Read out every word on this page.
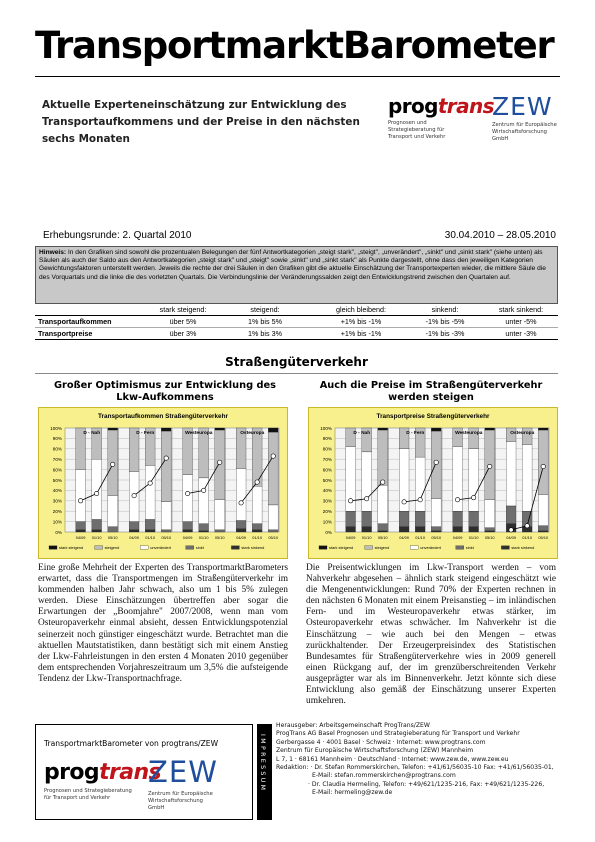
TransportmarktBarometer
Aktuelle Experteneinschätzung zur Entwicklung des Transportaufkommens und der Preise in den nächsten sechs Monaten
progtrans
Prognosen und Strategieberatung für Transport und Verkehr
ZEW
Zentrum für Europäische Wirtschaftsforschung GmbH
Erhebungsrunde: 2. Quartal 2010	30.04.2010 – 28.05.2010
Hinweis: In den Grafiken sind sowohl die prozentualen Belegungen der fünf Antwortkategorien „steigt stark", „steigt", „unverändert", „sinkt" und „sinkt stark" (siehe unten) als Säulen als auch der Saldo aus den Antwortkategorien „steigt stark" und „steigt" sowie „sinkt" und „sinkt stark" als Punkte dargestellt, ohne dass den jeweiligen Kategorien Gewichtungsfaktoren unterstellt werden. Jeweils die rechte der drei Säulen in den Grafiken gibt die aktuelle Einschätzung der Transportexperten wieder, die mittlere Säule die des Vorquartals und die linke die des vorletzten Quartals. Die Verbindungslinie der Veränderungssalden zeigt den Entwicklungstrend zwischen den Quartalen auf.
stark steigend:	steigend:	gleich bleibend:	sinkend:	stark sinkend:
Transportaufkommen	über 5%	1% bis 5%	+1% bis -1%	-1% bis -5%	unter -5%
Transportpreise	über 3%	1% bis 3%	+1% bis -1%	-1% bis -3%	unter -3%
Straßengüterverkehr
Großer Optimismus zur Entwicklung des Lkw-Aufkommens
Auch die Preise im Straßengüterverkehr werden steigen
Transportaufkommen Straßengüterverkehr
0%
10%
20%
30%
40%
50%
60%
70%
80%
90%
100%
04/09 01/10 05/10	04/09 01/10 05/10	04/09 01/10 05/10	04/09 01/10 05/10
D - Nah	D - Fern	Westeuropa	Osteuropa
stark steigend	steigend	unverändert	sinkt	stark sinkend
Transportpreise Straßengüterverkehr
0%
10%
20%
30%
40%
50%
60%
70%
80%
90%
100%
04/09 01/10 05/10	04/09 01/10 05/10	04/09 01/10 05/10	04/09 01/10 05/10
D - Nah	D - Fern	Westeuropa	Osteuropa
stark steigend	steigend	unverändert	sinkt	stark sinkend
Eine große Mehrheit der Experten des TransportmarktBarometers erwartet, dass die Transportmengen im Straßengüterverkehr im kommenden halben Jahr schwach, also um 1 bis 5% zulegen werden. Diese Einschätzungen übertreffen aber sogar die Erwartungen der „Boomjahre" 2007/2008, wenn man vom Osteuropaverkehr einmal absieht, dessen Entwicklungspotenzial seinerzeit noch günstiger eingeschätzt wurde. Betrachtet man die aktuellen Mautstatistiken, dann bestätigt sich mit einem Anstieg der Lkw-Fahrleistungen in den ersten 4 Monaten 2010 gegenüber dem entsprechenden Vorjahreszeitraum um 3,5% die aufsteigende Tendenz der Lkw-Transportnachfrage.
Die Preisentwicklungen im Lkw-Transport werden – vom Nahverkehr abgesehen – ähnlich stark steigend eingeschätzt wie die Mengenentwicklungen: Rund 70% der Experten rechnen in den nächsten 6 Monaten mit einem Preisanstieg – im inländischen Fern- und im Westeuropaverkehr etwas stärker, im Osteuropaverkehr etwas schwächer. Im Nahverkehr ist die Einschätzung – wie auch bei den Mengen – etwas zurückhaltender. Der Erzeugerpreisindex des Statistischen Bundesamtes für Straßengüterverkehre wies in 2009 generell einen Rückgang auf, der im grenzüberschreitenden Verkehr ausgeprägter war als im Binnenverkehr. Jetzt könnte sich diese Entwicklung also gemäß der Einschätzung unserer Experten umkehren.
TransportmarktBarometer von progtrans/ZEW
progtrans
Prognosen und Strategieberatung für Transport und Verkehr
ZEW
Zentrum für Europäische Wirtschaftsforschung GmbH
IMPRESSUM
Herausgeber: Arbeitsgemeinschaft ProgTrans/ZEW
ProgTrans AG Basel Prognosen und Strategieberatung für Transport und Verkehr
Gerbergasse 4 · 4001 Basel · Schweiz · Internet: www.progtrans.com
Zentrum für Europäische Wirtschaftsforschung (ZEW) Mannheim
L 7, 1 · 68161 Mannheim · Deutschland · Internet: www.zew.de, www.zew.eu
Redaktion: · Dr. Stefan Rommerskirchen, Telefon: +41/61/56035-10 Fax: +41/61/56035-01,
E-Mail: stefan.rommerskirchen@progtrans.com
· Dr. Claudia Hermeling, Telefon: +49/621/1235-216, Fax: +49/621/1235-226,
E-Mail: hermeling@zew.de
